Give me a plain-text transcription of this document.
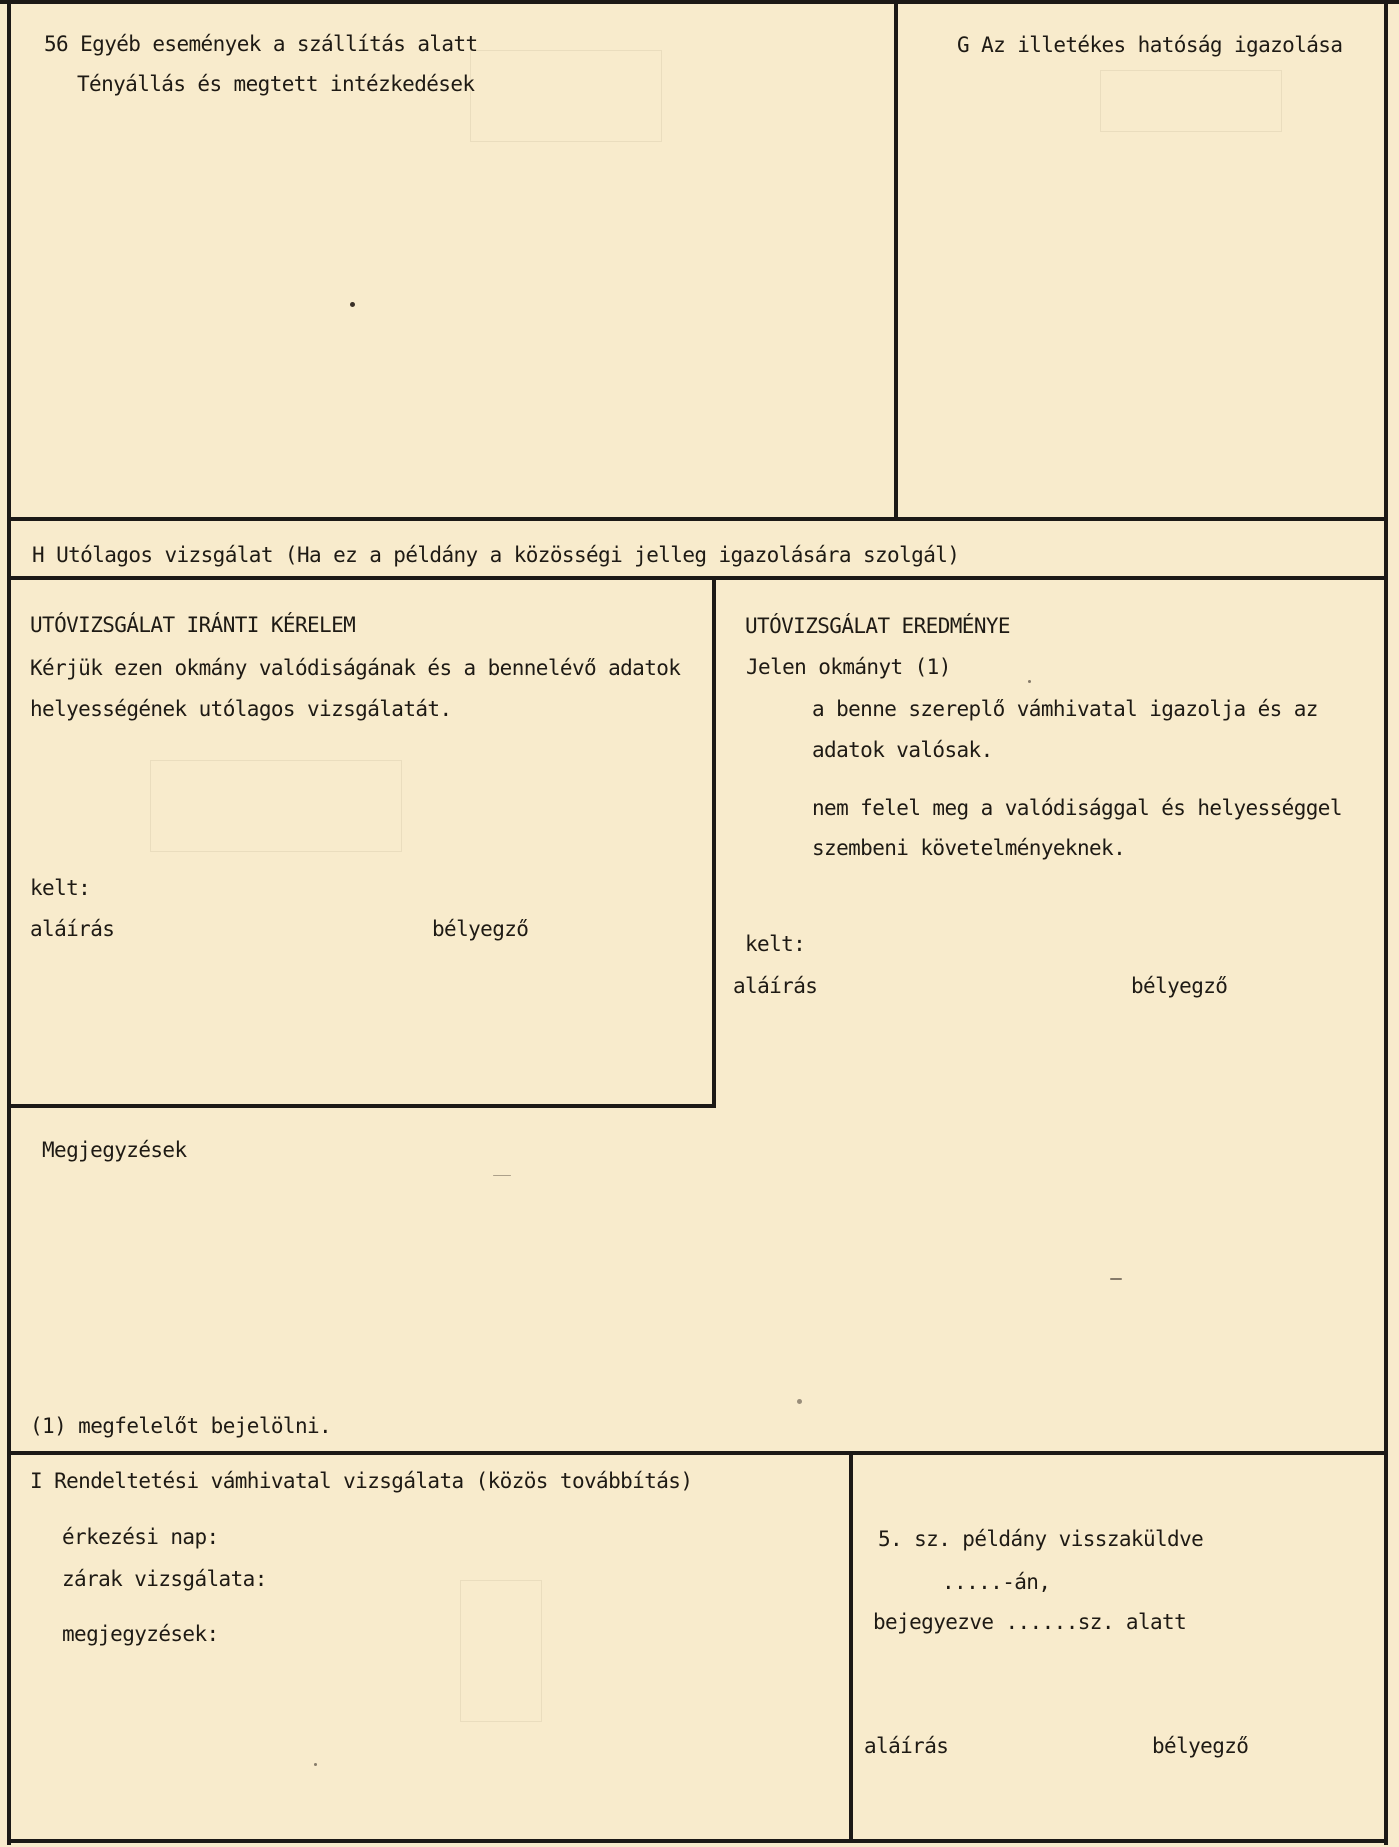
56 Egyéb események a szállítás alatt
Tényállás és megtett intézkedések
G Az illetékes hatóság igazolása
H Utólagos vizsgálat (Ha ez a példány a közösségi jelleg igazolására szolgál)
UTÓVIZSGÁLAT IRÁNTI KÉRELEM
Kérjük ezen okmány valódiságának és a bennelévő adatok
helyességének utólagos vizsgálatát.
kelt:
aláírás	bélyegző
UTÓVIZSGÁLAT EREDMÉNYE
Jelen okmányt (1)
a benne szereplő vámhivatal igazolja és az
adatok valósak.
nem felel meg a valódisággal és helyességgel
szembeni követelményeknek.
kelt:
aláírás	bélyegző
Megjegyzések
(1) megfelelőt bejelölni.
I Rendeltetési vámhivatal vizsgálata (közös továbbítás)
érkezési nap:
zárak vizsgálata:
megjegyzések:
5. sz. példány visszaküldve
.....-án,
bejegyezve ......sz. alatt
aláírás	bélyegző
